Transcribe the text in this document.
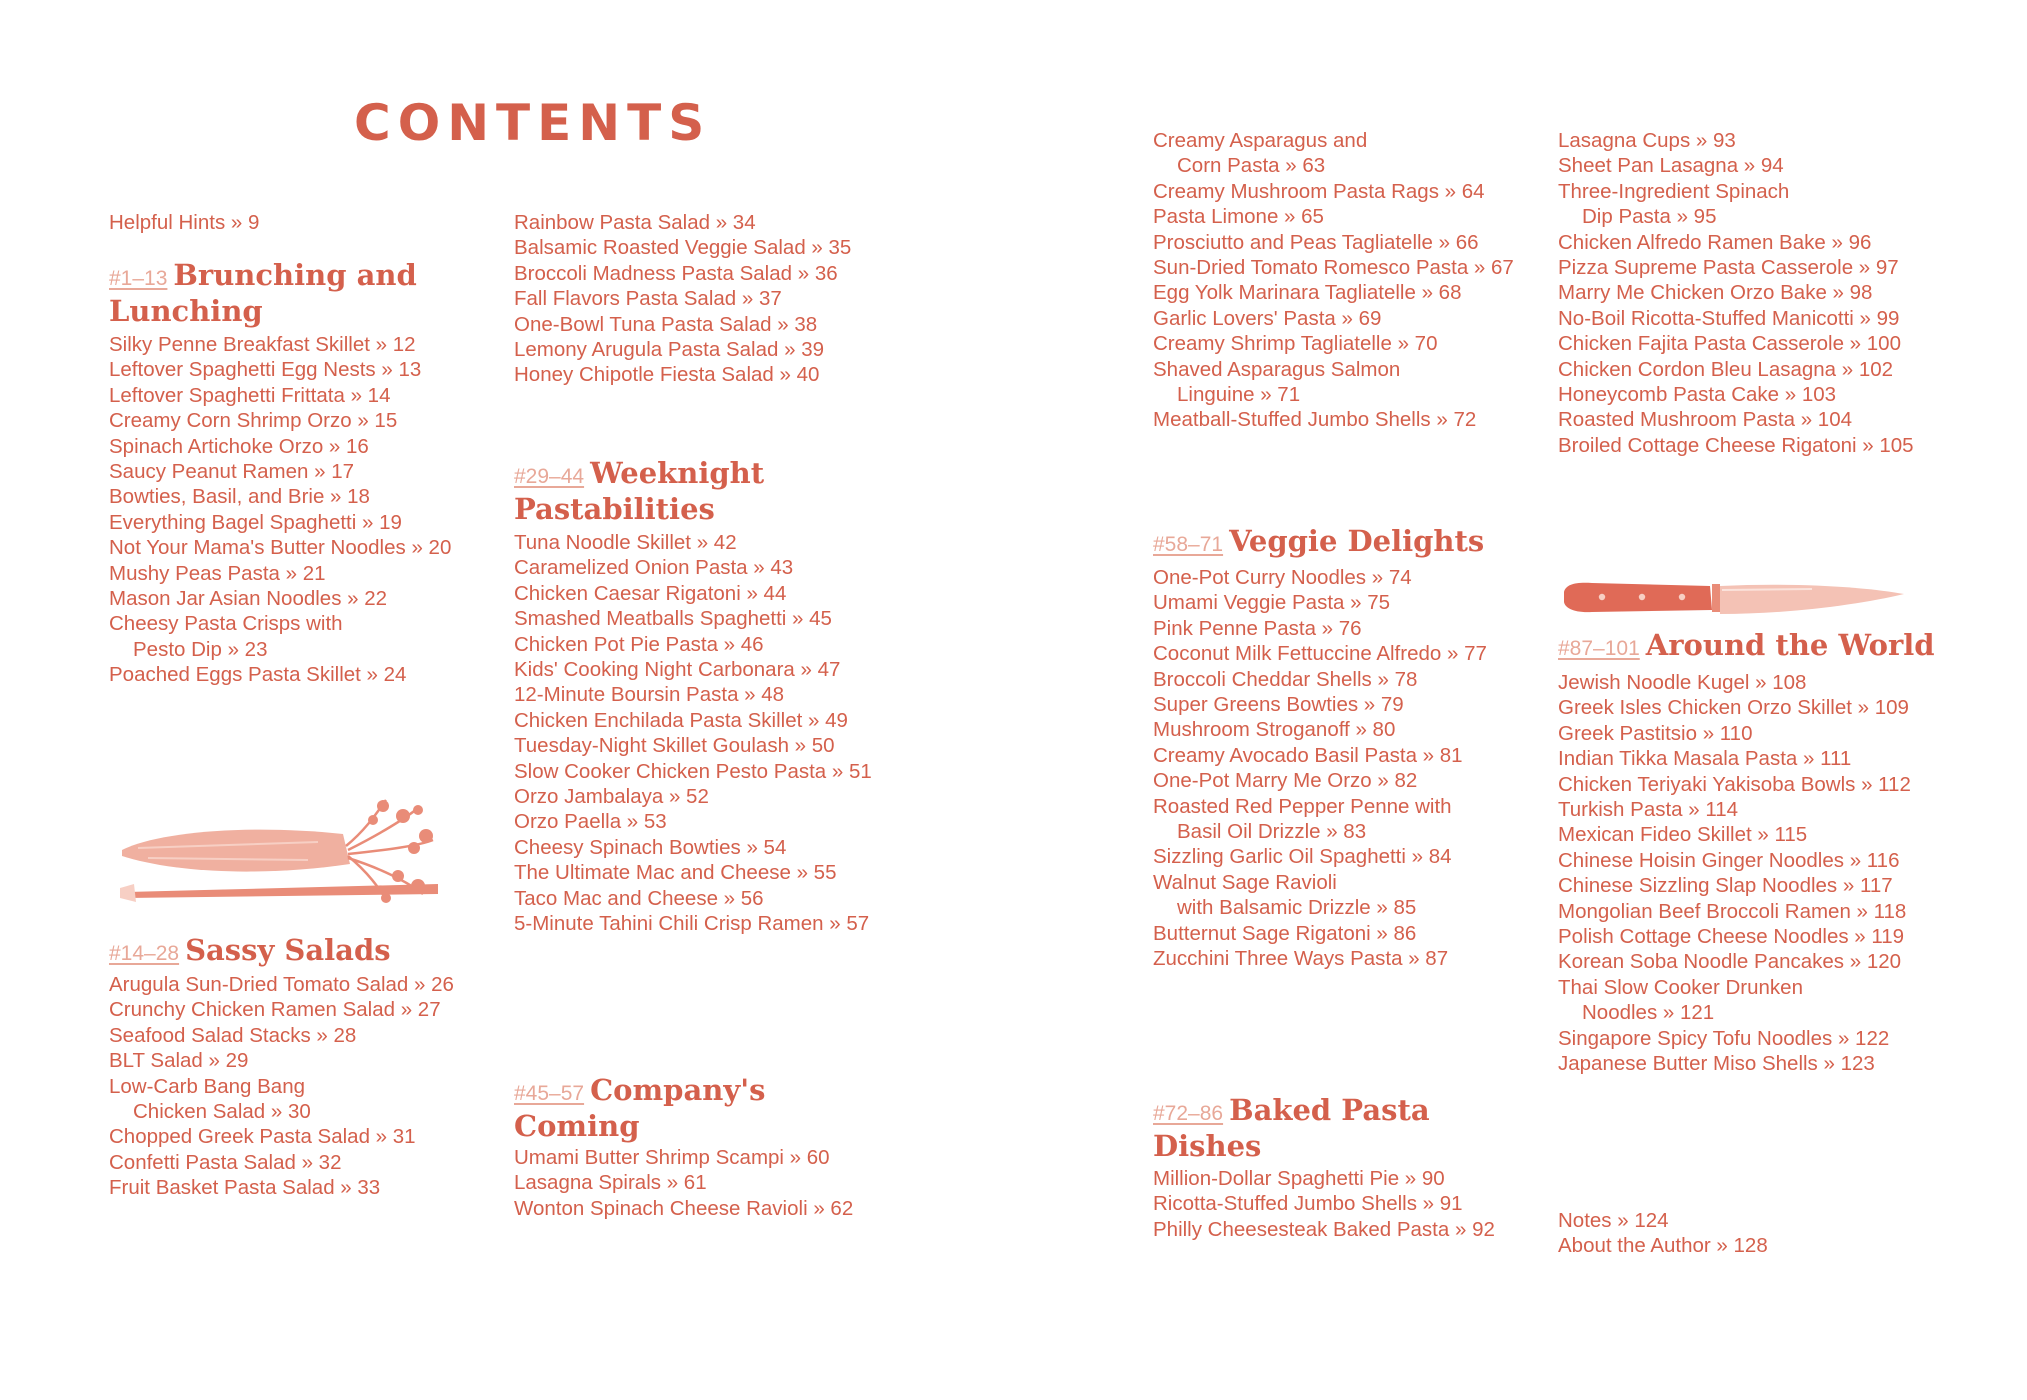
CONTENTS

Helpful Hints » 9

#1–13 Brunching and
Lunching

Silky Penne Breakfast Skillet » 12

Leftover Spaghetti Egg Nests » 13

Leftover Spaghetti Frittata » 14

Creamy Corn Shrimp Orzo » 15

Spinach Artichoke Orzo » 16

Saucy Peanut Ramen » 17

Bowties, Basil, and Brie » 18

Everything Bagel Spaghetti » 19

Not Your Mama's Butter Noodles » 20

Mushy Peas Pasta » 21

Mason Jar Asian Noodles » 22

Cheesy Pasta Crisps with

Pesto Dip » 23

Poached Eggs Pasta Skillet » 24

#14–28 Sassy Salads

Arugula Sun-Dried Tomato Salad » 26

Crunchy Chicken Ramen Salad » 27

Seafood Salad Stacks » 28

BLT Salad » 29

Low-Carb Bang Bang

Chicken Salad » 30

Chopped Greek Pasta Salad » 31

Confetti Pasta Salad » 32

Fruit Basket Pasta Salad » 33

Rainbow Pasta Salad » 34

Balsamic Roasted Veggie Salad » 35

Broccoli Madness Pasta Salad » 36

Fall Flavors Pasta Salad » 37

One-Bowl Tuna Pasta Salad » 38

Lemony Arugula Pasta Salad » 39

Honey Chipotle Fiesta Salad » 40

#29–44 Weeknight
Pastabilities

Tuna Noodle Skillet » 42

Caramelized Onion Pasta » 43

Chicken Caesar Rigatoni » 44

Smashed Meatballs Spaghetti » 45

Chicken Pot Pie Pasta » 46

Kids' Cooking Night Carbonara » 47

12-Minute Boursin Pasta » 48

Chicken Enchilada Pasta Skillet » 49

Tuesday-Night Skillet Goulash » 50

Slow Cooker Chicken Pesto Pasta » 51

Orzo Jambalaya » 52

Orzo Paella » 53

Cheesy Spinach Bowties » 54

The Ultimate Mac and Cheese » 55

Taco Mac and Cheese » 56

5-Minute Tahini Chili Crisp Ramen » 57

#45–57 Company's
Coming

Umami Butter Shrimp Scampi » 60

Lasagna Spirals » 61

Wonton Spinach Cheese Ravioli » 62

Creamy Asparagus and

Corn Pasta » 63

Creamy Mushroom Pasta Rags » 64

Pasta Limone » 65

Prosciutto and Peas Tagliatelle » 66

Sun-Dried Tomato Romesco Pasta » 67

Egg Yolk Marinara Tagliatelle » 68

Garlic Lovers' Pasta » 69

Creamy Shrimp Tagliatelle » 70

Shaved Asparagus Salmon

Linguine » 71

Meatball-Stuffed Jumbo Shells » 72

#58–71 Veggie Delights

One-Pot Curry Noodles » 74

Umami Veggie Pasta » 75

Pink Penne Pasta » 76

Coconut Milk Fettuccine Alfredo » 77

Broccoli Cheddar Shells » 78

Super Greens Bowties » 79

Mushroom Stroganoff » 80

Creamy Avocado Basil Pasta » 81

One-Pot Marry Me Orzo » 82

Roasted Red Pepper Penne with

Basil Oil Drizzle » 83

Sizzling Garlic Oil Spaghetti » 84

Walnut Sage Ravioli

with Balsamic Drizzle » 85

Butternut Sage Rigatoni » 86

Zucchini Three Ways Pasta » 87

#72–86 Baked Pasta
Dishes

Million-Dollar Spaghetti Pie » 90

Ricotta-Stuffed Jumbo Shells » 91

Philly Cheesesteak Baked Pasta » 92

Lasagna Cups » 93

Sheet Pan Lasagna » 94

Three-Ingredient Spinach

Dip Pasta » 95

Chicken Alfredo Ramen Bake » 96

Pizza Supreme Pasta Casserole » 97

Marry Me Chicken Orzo Bake » 98

No-Boil Ricotta-Stuffed Manicotti » 99

Chicken Fajita Pasta Casserole » 100

Chicken Cordon Bleu Lasagna » 102

Honeycomb Pasta Cake » 103

Roasted Mushroom Pasta » 104

Broiled Cottage Cheese Rigatoni » 105

#87–101 Around the World

Jewish Noodle Kugel » 108

Greek Isles Chicken Orzo Skillet » 109

Greek Pastitsio » 110

Indian Tikka Masala Pasta » 111

Chicken Teriyaki Yakisoba Bowls » 112

Turkish Pasta » 114

Mexican Fideo Skillet » 115

Chinese Hoisin Ginger Noodles » 116

Chinese Sizzling Slap Noodles » 117

Mongolian Beef Broccoli Ramen » 118

Polish Cottage Cheese Noodles » 119

Korean Soba Noodle Pancakes » 120

Thai Slow Cooker Drunken

Noodles » 121

Singapore Spicy Tofu Noodles » 122

Japanese Butter Miso Shells » 123

Notes » 124

About the Author » 128
